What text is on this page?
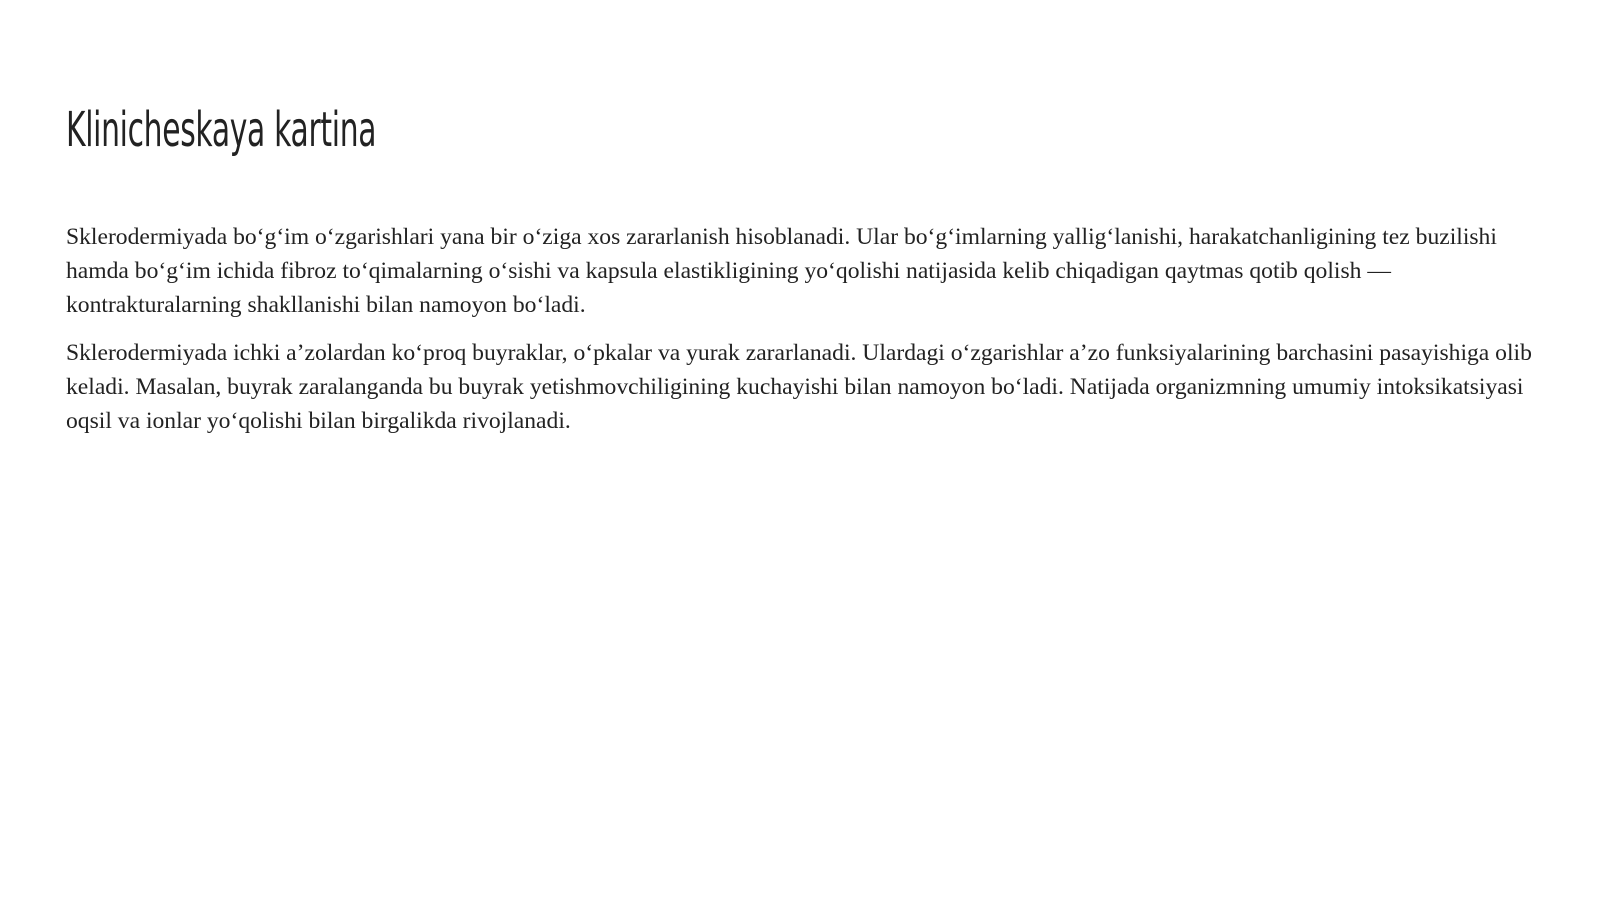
Klinicheskaya kartina

Sklerodermiyada bo‘g‘im o‘zgarishlari yana bir o‘ziga xos zararlanish hisoblanadi. Ular bo‘g‘imlarning yallig‘lanishi, harakatchanligining tez buzilishi hamda bo‘g‘im ichida fibroz to‘qimalarning o‘sishi va kapsula elastikligining yo‘qolishi natijasida kelib chiqadigan qaytmas qotib qolish — kontrakturalarning shakllanishi bilan namoyon bo‘ladi.

Sklerodermiyada ichki a’zolardan ko‘proq buyraklar, o‘pkalar va yurak zararlanadi. Ulardagi o‘zgarishlar a’zo funksiyalarining barchasini pasayishiga olib keladi. Masalan, buyrak zaralanganda bu buyrak yetishmovchiligining kuchayishi bilan namoyon bo‘ladi. Natijada organizmning umumiy intoksikatsiyasi oqsil va ionlar yo‘qolishi bilan birgalikda rivojlanadi.
